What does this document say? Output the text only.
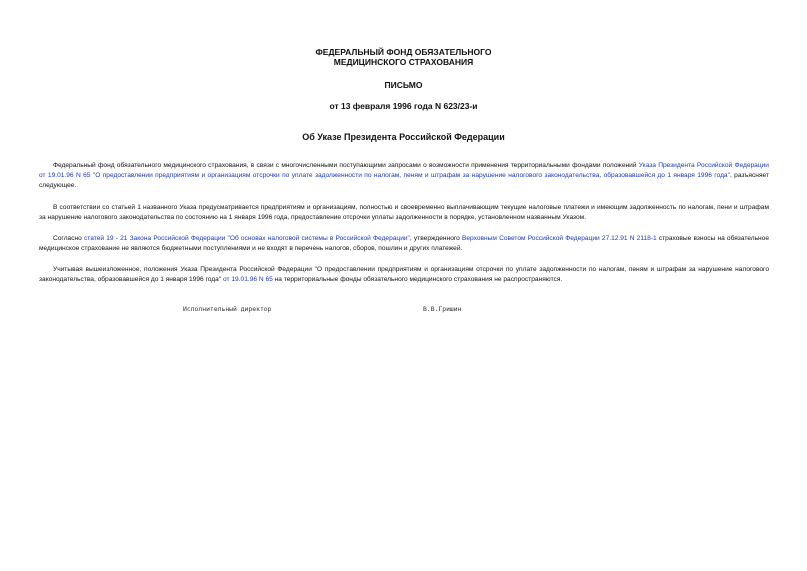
ФЕДЕРАЛЬНЫЙ ФОНД ОБЯЗАТЕЛЬНОГО
МЕДИЦИНСКОГО СТРАХОВАНИЯ
ПИСЬМО
от 13 февраля 1996 года N 623/23-и
Об Указе Президента Российской Федерации

Федеральный фонд обязательного медицинского страхования, в связи с многочисленными поступающими запросами о возможности применения территориальными фондами положений Указа Президента Российской Федерации от 19.01.96 N 65 "О предоставлении предприятиям и организациям отсрочки по уплате задолженности по налогам, пеням и штрафам за нарушение налогового законодательства, образовавшейся до 1 января 1996 года", разъясняет следующее.

В соответствии со статьей 1 названного Указа предусматривается предприятиям и организациям, полностью и своевременно выплачивающим текущие налоговые платежи и имеющим задолженность по налогам, пени и штрафам за нарушение налогового законодательства по состоянию на 1 января 1996 года, предоставление отсрочки уплаты задолженности в порядке, установленном названным Указом.

Согласно статей 19 - 21 Закона Российской Федерации "Об основах налоговой системы в Российской Федерации", утвержденного Верховным Советом Российской Федерации 27.12.91 N 2118-1 страховые взносы на обязательное медицинское страхование не являются бюджетными поступлениями и не входят в перечень налогов, сборов, пошлин и других платежей.

Учитывая вышеизложенное, положения Указа Президента Российской Федерации "О предоставлении предприятиям и организациям отсрочки по уплате задолженности по налогам, пеням и штрафам за нарушение налогового законодательства, образовавшейся до 1 января 1996 года" от 19.01.96 N 65 на территориальные фонды обязательного медицинского страхования не распространяются.

Исполнительный директор	В.В.Гришин
